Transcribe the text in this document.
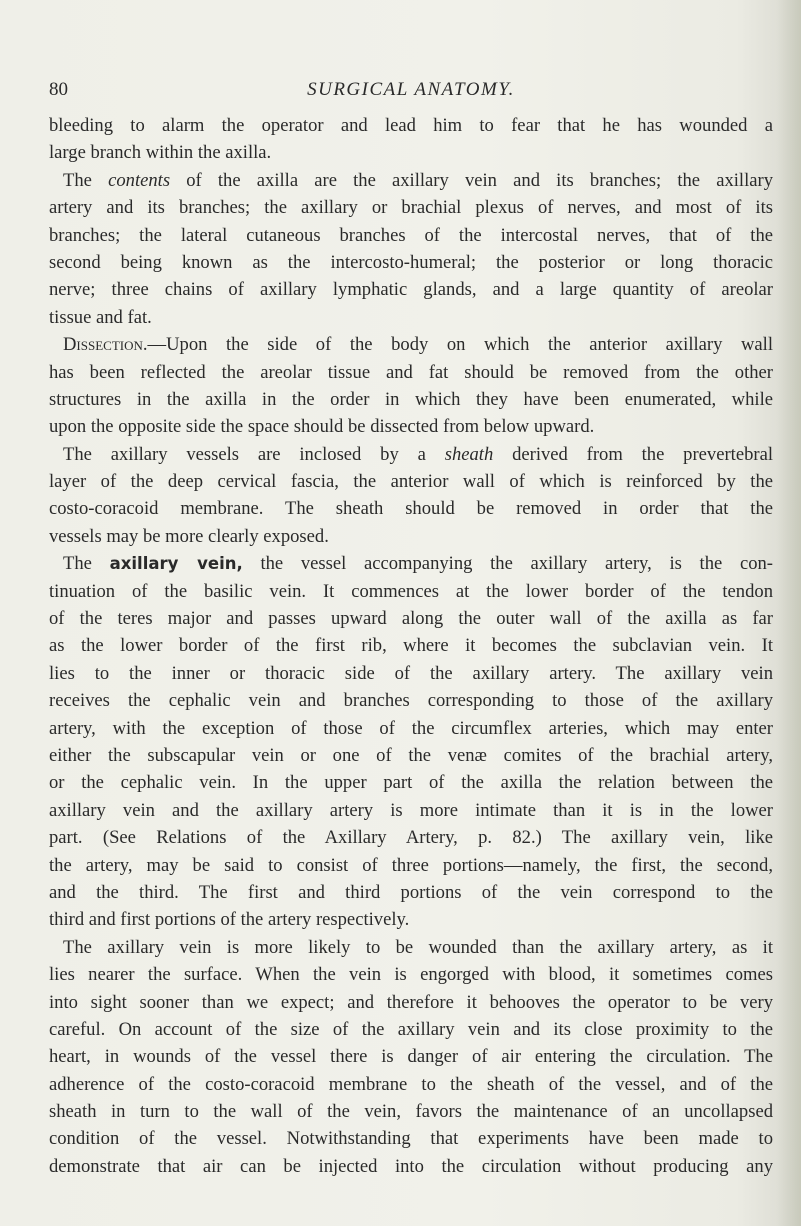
80	SURGICAL ANATOMY.
bleeding to alarm the operator and lead him to fear that he has wounded a
large branch within the axilla.
The contents of the axilla are the axillary vein and its branches; the axillary
artery and its branches; the axillary or brachial plexus of nerves, and most of its
branches; the lateral cutaneous branches of the intercostal nerves, that of the
second being known as the intercosto-humeral; the posterior or long thoracic
nerve; three chains of axillary lymphatic glands, and a large quantity of areolar
tissue and fat.
Dissection.—Upon the side of the body on which the anterior axillary wall
has been reflected the areolar tissue and fat should be removed from the other
structures in the axilla in the order in which they have been enumerated, while
upon the opposite side the space should be dissected from below upward.
The axillary vessels are inclosed by a sheath derived from the prevertebral
layer of the deep cervical fascia, the anterior wall of which is reinforced by the
costo-coracoid membrane. The sheath should be removed in order that the
vessels may be more clearly exposed.
The axillary vein, the vessel accompanying the axillary artery, is the con-
tinuation of the basilic vein. It commences at the lower border of the tendon
of the teres major and passes upward along the outer wall of the axilla as far
as the lower border of the first rib, where it becomes the subclavian vein. It
lies to the inner or thoracic side of the axillary artery. The axillary vein
receives the cephalic vein and branches corresponding to those of the axillary
artery, with the exception of those of the circumflex arteries, which may enter
either the subscapular vein or one of the venæ comites of the brachial artery,
or the cephalic vein. In the upper part of the axilla the relation between the
axillary vein and the axillary artery is more intimate than it is in the lower
part. (See Relations of the Axillary Artery, p. 82.) The axillary vein, like
the artery, may be said to consist of three portions—namely, the first, the second,
and the third. The first and third portions of the vein correspond to the
third and first portions of the artery respectively.
The axillary vein is more likely to be wounded than the axillary artery, as it
lies nearer the surface. When the vein is engorged with blood, it sometimes comes
into sight sooner than we expect; and therefore it behooves the operator to be very
careful. On account of the size of the axillary vein and its close proximity to the
heart, in wounds of the vessel there is danger of air entering the circulation. The
adherence of the costo-coracoid membrane to the sheath of the vessel, and of the
sheath in turn to the wall of the vein, favors the maintenance of an uncollapsed
condition of the vessel. Notwithstanding that experiments have been made to
demonstrate that air can be injected into the circulation without producing any
